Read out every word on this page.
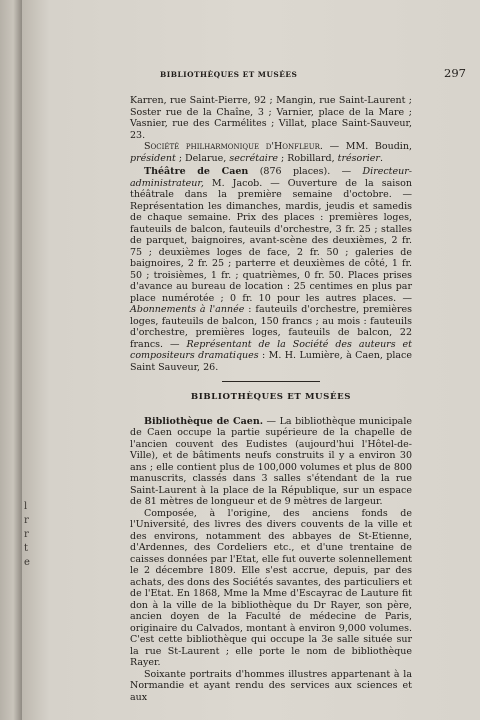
l
r
r
t
e
BIBLIOTHÈQUES ET MUSÉES	297

Karren, rue Saint-Pierre, 92 ; Mangin, rue Saint-Laurent ; Soster rue de la Chaîne, 3 ; Varnier, place de la Mare ; Vasnier, rue des Carmélites ; Villat, place Saint-Sauveur, 23.

Société philharmonique d'Honfleur. — MM. Boudin, président ; Delarue, secrétaire ; Robillard, trésorier.

Théâtre de Caen (876 places). — Directeur-administrateur, M. Jacob. — Ouverture de la saison théâtrale dans la première semaine d'octobre. — Représentation les dimanches, mardis, jeudis et samedis de chaque semaine. Prix des places : premières loges, fauteuils de balcon, fauteuils d'orchestre, 3 fr. 25 ; stalles de parquet, baignoires, avant-scène des deuxièmes, 2 fr. 75 ; deuxièmes loges de face, 2 fr. 50 ; galeries de baignoires, 2 fr. 25 ; parterre et deuxièmes de côté, 1 fr. 50 ; troisièmes, 1 fr. ; quatrièmes, 0 fr. 50. Places prises d'avance au bureau de location : 25 centimes en plus par place numérotée ; 0 fr. 10 pour les autres places. — Abonnements à l'année : fauteuils d'orchestre, premières loges, fauteuils de balcon, 150 francs ; au mois : fauteuils d'orchestre, premières loges, fauteuils de balcon, 22 francs. — Représentant de la Société des auteurs et compositeurs dramatiques : M. H. Lumière, à Caen, place Saint Sauveur, 26.

BIBLIOTHÈQUES ET MUSÉES

Bibliothèque de Caen. — La bibliothèque municipale de Caen occupe la partie supérieure de la chapelle de l'ancien couvent des Eudistes (aujourd'hui l'Hôtel-de-Ville), et de bâtiments neufs construits il y a environ 30 ans ; elle contient plus de 100,000 volumes et plus de 800 manuscrits, classés dans 3 salles s'étendant de la rue Saint-Laurent à la place de la République, sur un espace de 81 mètres de longueur et de 9 mètres de largeur.

Composée, à l'origine, des anciens fonds de l'Université, des livres des divers couvents de la ville et des environs, notamment des abbayes de St-Etienne, d'Ardennes, des Cordeliers etc., et d'une trentaine de caisses données par l'Etat, elle fut ouverte solennellement le 2 décembre 1809. Elle s'est accrue, depuis, par des achats, des dons des Sociétés savantes, des particuliers et de l'Etat. En 1868, Mme la Mme d'Escayrac de Lauture fit don à la ville de la bibliothèque du Dr Rayer, son père, ancien doyen de la Faculté de médecine de Paris, originaire du Calvados, montant à environ 9,000 volumes. C'est cette bibliothèque qui occupe la 3e salle située sur la rue St-Laurent ; elle porte le nom de bibliothèque Rayer.

Soixante portraits d'hommes illustres appartenant à la Normandie et ayant rendu des services aux sciences et aux
